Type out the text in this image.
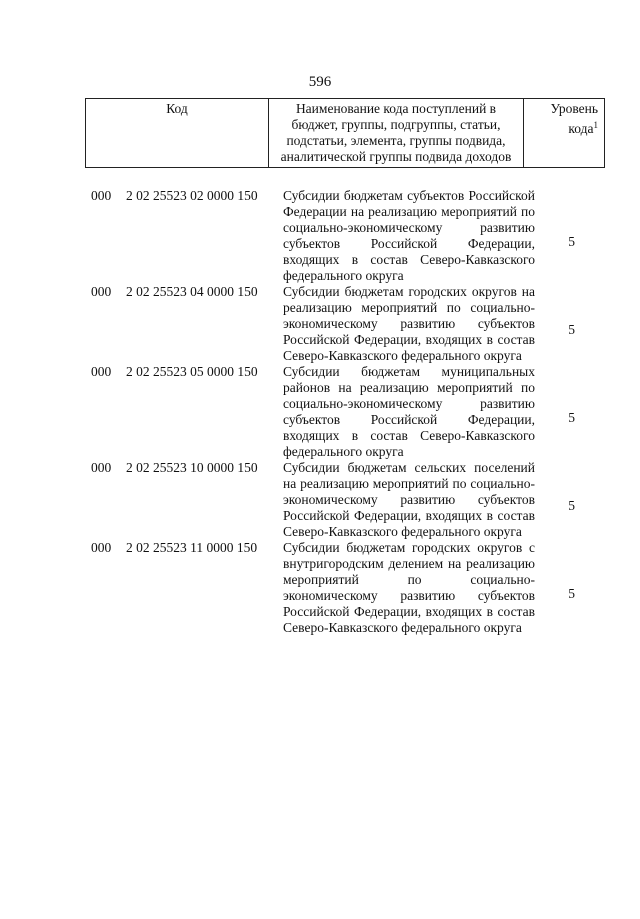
596
Код	Наименование кода поступлений в бюджет, группы, подгруппы, статьи, подстатьи, элемента, группы подвида, аналитической группы подвида доходов
Уровень кода$^1$
000 2 02 25523 02 0000 150 Субсидии бюджетам субъектов Российской Федерации на реализацию мероприятий по социально-экономическому развитию субъектов Российской Федерации, входящих в состав Северо-Кавказского федерального округа
5
000 2 02 25523 04 0000 150 Субсидии бюджетам городских округов на реализацию мероприятий по социально-экономическому развитию субъектов Российской Федерации, входящих в состав Северо-Кавказского федерального округа
5
000 2 02 25523 05 0000 150 Субсидии бюджетам муниципальных районов на реализацию мероприятий по социально-экономическому развитию субъектов Российской Федерации, входящих в состав Северо-Кавказского федерального округа
5
000 2 02 25523 10 0000 150 Субсидии бюджетам сельских поселений на реализацию мероприятий по социально-экономическому развитию субъектов Российской Федерации, входящих в состав Северо-Кавказского федерального округа
5
000 2 02 25523 11 0000 150 Субсидии бюджетам городских округов с внутригородским делением на реализацию мероприятий по социально-экономическому развитию субъектов Российской Федерации, входящих в состав Северо-Кавказского федерального округа
5
